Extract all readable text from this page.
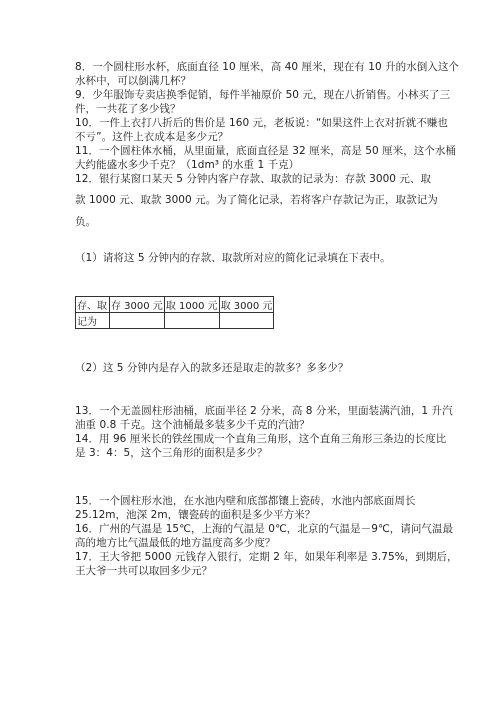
8．一个圆柱形水杯，底面直径 10 厘米，高 40 厘米，现在有 10 升的水倒入这个
水杯中，可以倒满几杯？
9．少年服饰专卖店换季促销，每件半袖原价 50 元，现在八折销售。小林买了三
件，一共花了多少钱？
10．一件上衣打八折后的售价是 160 元，老板说：“如果这件上衣对折就不赚也
不亏”。这件上衣成本是多少元？
11．一个圆柱体水桶，从里面量，底面直径是 32 厘米，高是 50 厘米，这个水桶
大约能盛水多少千克？（1dm³ 的水重 1 千克）
12．银行某窗口某天 5 分钟内客户存款、取款的记录为：存款 3000 元、取
款 1000 元、取款 3000 元。为了简化记录，若将客户存款记为正，取款记为
负。
（1）请将这 5 分钟内的存款、取款所对应的简化记录填在下表中。
存、取	存 3000 元	取 1000 元	取 3000 元
记为			
（2）这 5 分钟内是存入的款多还是取走的款多？多多少？
13．一个无盖圆柱形油桶，底面半径 2 分米，高 8 分米，里面装满汽油，1 升汽
油重 0.8 千克。这个油桶最多装多少千克的汽油？
14．用 96 厘米长的铁丝围成一个直角三角形，这个直角三角形三条边的长度比
是 3：4：5，这个三角形的面积是多少？
15．一个圆柱形水池，在水池内壁和底部都镶上瓷砖，水池内部底面周长
25.12m，池深 2m，镶瓷砖的面积是多少平方米？
16．广州的气温是 15℃，上海的气温是 0℃，北京的气温是－9℃，请问气温最
高的地方比气温最低的地方温度高多少度？
17．王大爷把 5000 元钱存入银行，定期 2 年，如果年利率是 3.75%，到期后，
王大爷一共可以取回多少元？
